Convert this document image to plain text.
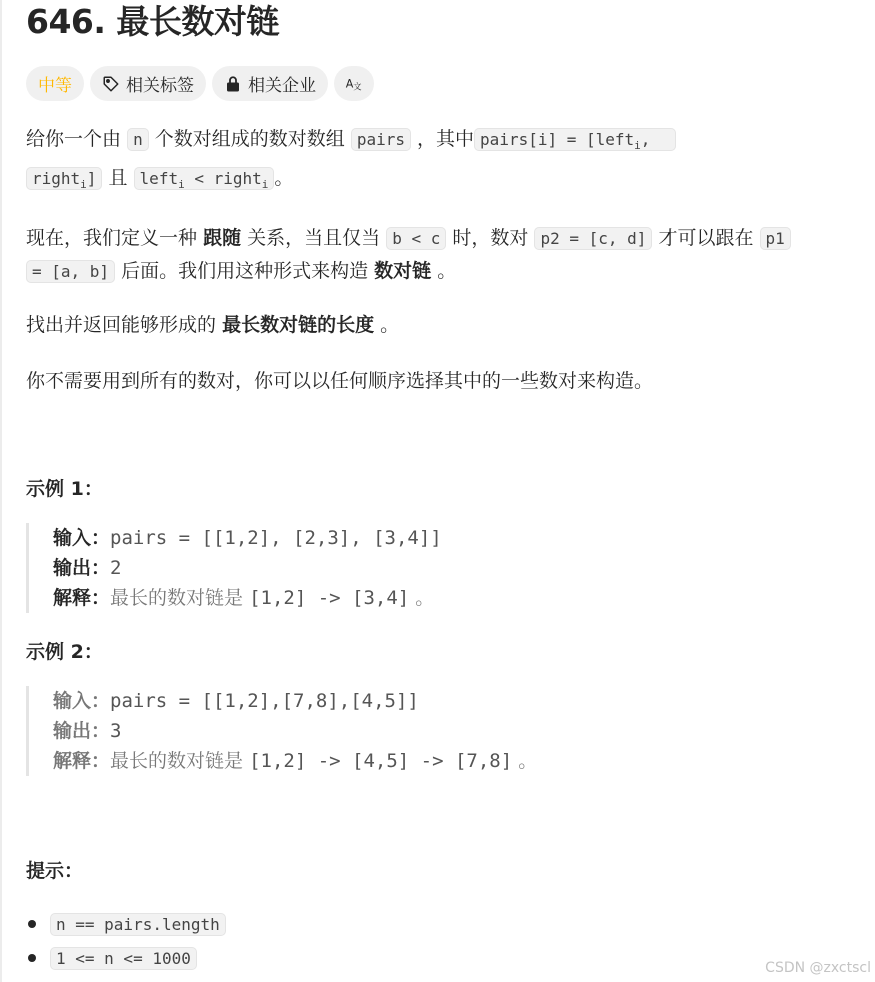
646. 最长数对链
中等	相关标签	相关企业 A 文

给你一个由 n 个数对组成的数对数组 pairs ，其中 pairs[i] = [left$_i$,
right$_i$] 且 left$_i$ < right$_i$ 。

现在，我们定义一种 跟随 关系，当且仅当 b < c 时，数对 p2 = [c, d] 才可以跟在 p1
= [a, b] 后面。我们用这种形式来构造 数对链 。

找出并返回能够形成的 最长数对链的长度 。

你不需要用到所有的数对，你可以以任何顺序选择其中的一些数对来构造。

示例 1：

输入：pairs = [[1,2], [2,3], [3,4]]
输出：2
解释：最长的数对链是 [1,2] -> [3,4] 。

示例 2：

输入：pairs = [[1,2],[7,8],[4,5]]
输出：3
解释：最长的数对链是 [1,2] -> [4,5] -> [7,8] 。

提示：

n == pairs.length
1 <= n <= 1000
CSDN @zxctscl
